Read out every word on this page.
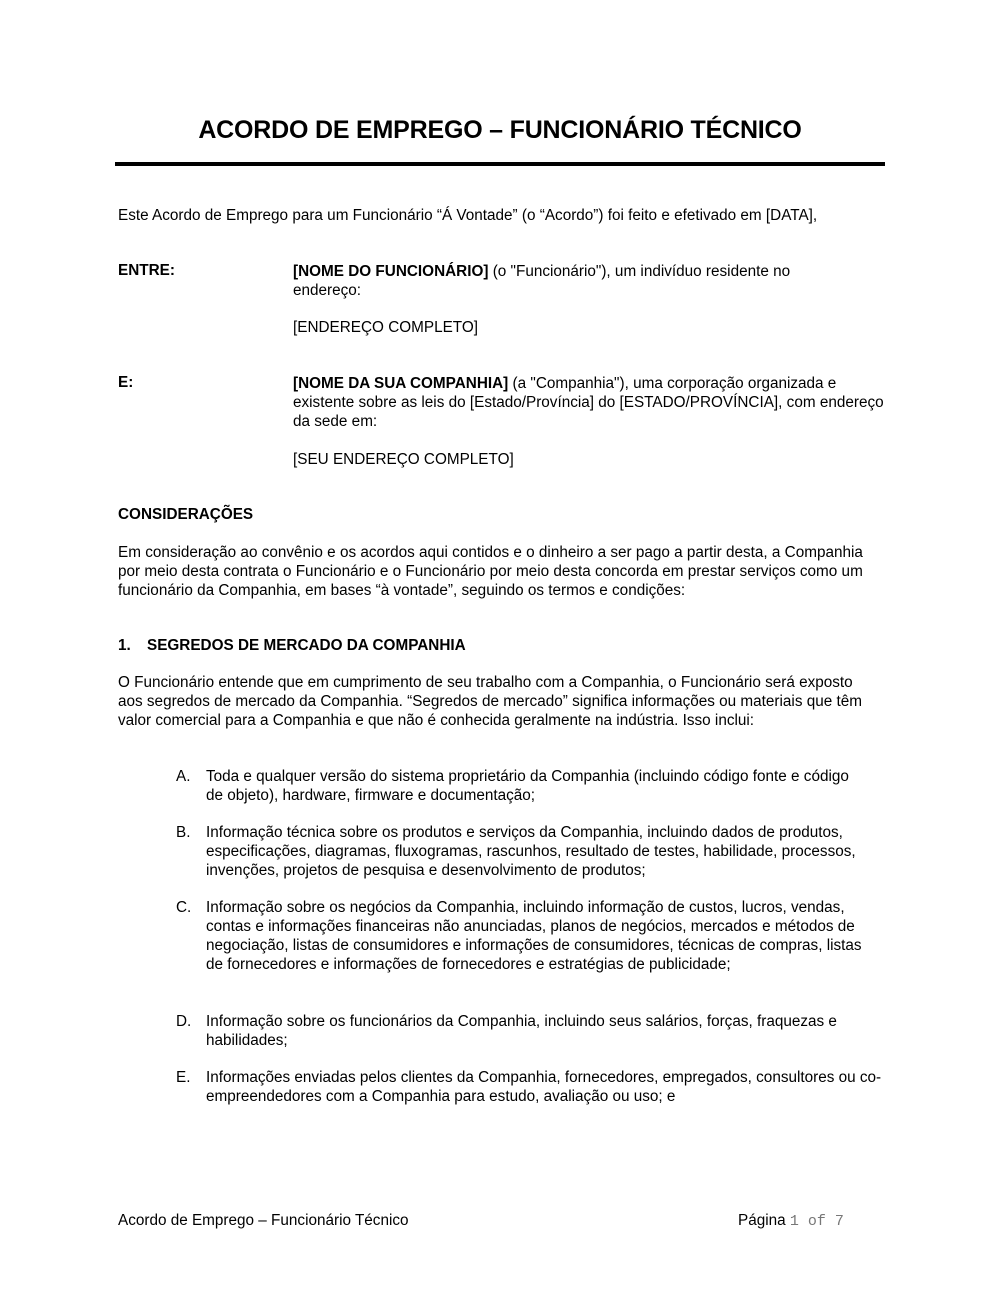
ACORDO DE EMPREGO – FUNCIONÁRIO TÉCNICO
Este Acordo de Emprego para um Funcionário “Á Vontade” (o “Acordo”) foi feito e efetivado em [DATA],
ENTRE:	[NOME DO FUNCIONÁRIO] (o "Funcionário"), um indivíduo residente no endereço:
[ENDEREÇO COMPLETO]
E:	[NOME DA SUA COMPANHIA] (a "Companhia"), uma corporação organizada e existente sobre as leis do [Estado/Província] do [ESTADO/PROVÍNCIA], com endereço da sede em:
[SEU ENDEREÇO COMPLETO]
CONSIDERAÇÕES
Em consideração ao convênio e os acordos aqui contidos e o dinheiro a ser pago a partir desta, a Companhia por meio desta contrata o Funcionário e o Funcionário por meio desta concorda em prestar serviços como um funcionário da Companhia, em bases “à vontade”, seguindo os termos e condições:
1. SEGREDOS DE MERCADO DA COMPANHIA
O Funcionário entende que em cumprimento de seu trabalho com a Companhia, o Funcionário será exposto aos segredos de mercado da Companhia. “Segredos de mercado” significa informações ou materiais que têm valor comercial para a Companhia e que não é conhecida geralmente na indústria. Isso inclui:
A. Toda e qualquer versão do sistema proprietário da Companhia (incluindo código fonte e código de objeto), hardware, firmware e documentação;
B. Informação técnica sobre os produtos e serviços da Companhia, incluindo dados de produtos, especificações, diagramas, fluxogramas, rascunhos, resultado de testes, habilidade, processos, invenções, projetos de pesquisa e desenvolvimento de produtos;
C. Informação sobre os negócios da Companhia, incluindo informação de custos, lucros, vendas, contas e informações financeiras não anunciadas, planos de negócios, mercados e métodos de negociação, listas de consumidores e informações de consumidores, técnicas de compras, listas de fornecedores e informações de fornecedores e estratégias de publicidade;
D. Informação sobre os funcionários da Companhia, incluindo seus salários, forças, fraquezas e habilidades;
E. Informações enviadas pelos clientes da Companhia, fornecedores, empregados, consultores ou co-empreendedores com a Companhia para estudo, avaliação ou uso; e
Acordo de Emprego – Funcionário Técnico	Página 1 of 7
